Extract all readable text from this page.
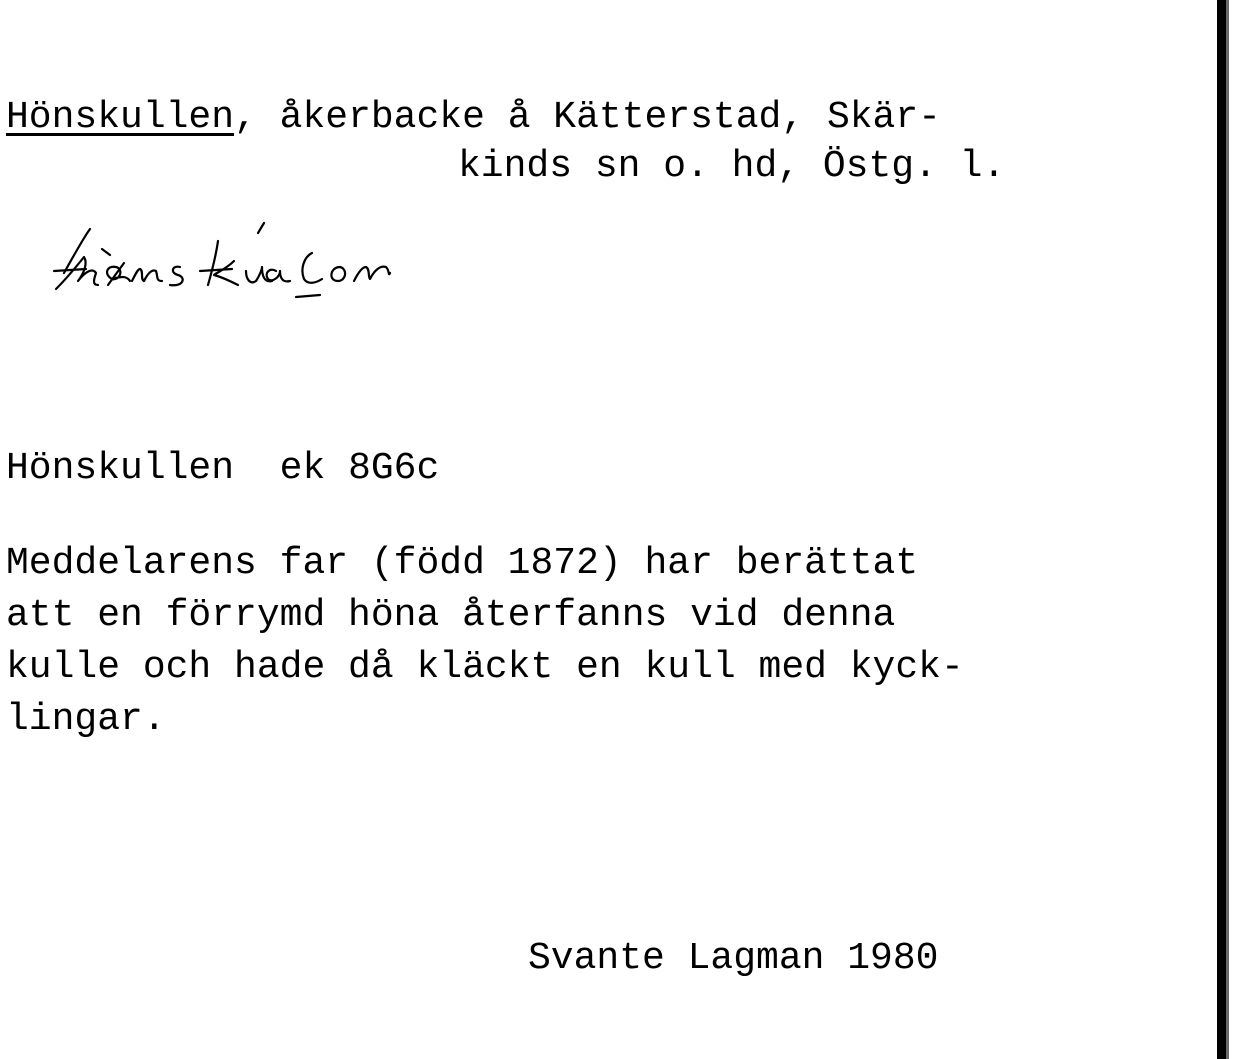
Hönskullen, åkerbacke å Kätterstad, Skär-
kinds sn o. hd, Östg. l.
Hönskullen ek 8G6c
Meddelarens far (född 1872) har berättat
att en förrymd höna återfanns vid denna
kulle och hade då kläckt en kull med kyck-
lingar.
Svante Lagman 1980
